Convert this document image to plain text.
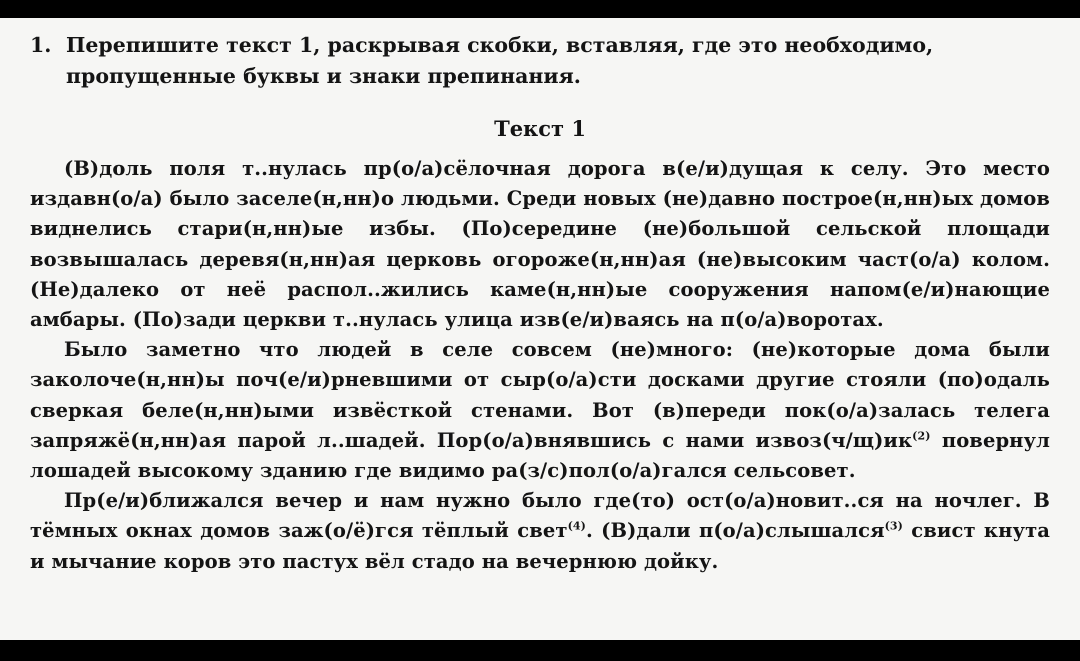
1. Перепишите текст 1, раскрывая скобки, вставляя, где это необходимо, пропущенные буквы и знаки препинания.

Текст 1

(В)доль поля т..нулась пр(о/а)сёлочная дорога в(е/и)дущая к селу. Это место издавн(о/а) было заселе(н,нн)о людьми. Среди новых (не)давно построе(н,нн)ых домов виднелись стари(н,нн)ые избы. (По)середине (не)большой сельской площади возвышалась деревя(н,нн)ая церковь огороже(н,нн)ая (не)высоким част(о/а) колом. (Не)далеко от неё распол..жились каме(н,нн)ые сооружения напом(е/и)нающие амбары. (По)зади церкви т..нулась улица изв(е/и)ваясь на п(о/а)воротах.

Было заметно что людей в селе совсем (не)много: (не)которые дома были заколоче(н,нн)ы поч(е/и)рневшими от сыр(о/а)сти досками другие стояли (по)одаль сверкая беле(н,нн)ыми извёсткой стенами. Вот (в)переди пок(о/а)залась телега запряжё(н,нн)ая парой л..шадей. Пор(о/а)внявшись с нами $извоз(ч/щ)ик^{(2)}$ повернул лошадей высокому зданию где видимо ра(з/с)пол(о/а)гался сельсовет.

Пр(е/и)ближался вечер и нам нужно было где(то) ост(о/а)новит..ся на ночлег. В тёмных окнах домов заж(о/ё)гся тёплый свет$^{(4)}$. (В)дали п(о/а)слышался$^{(3)}$ свист кнута и мычание коров это пастух вёл стадо на вечернюю дойку.
